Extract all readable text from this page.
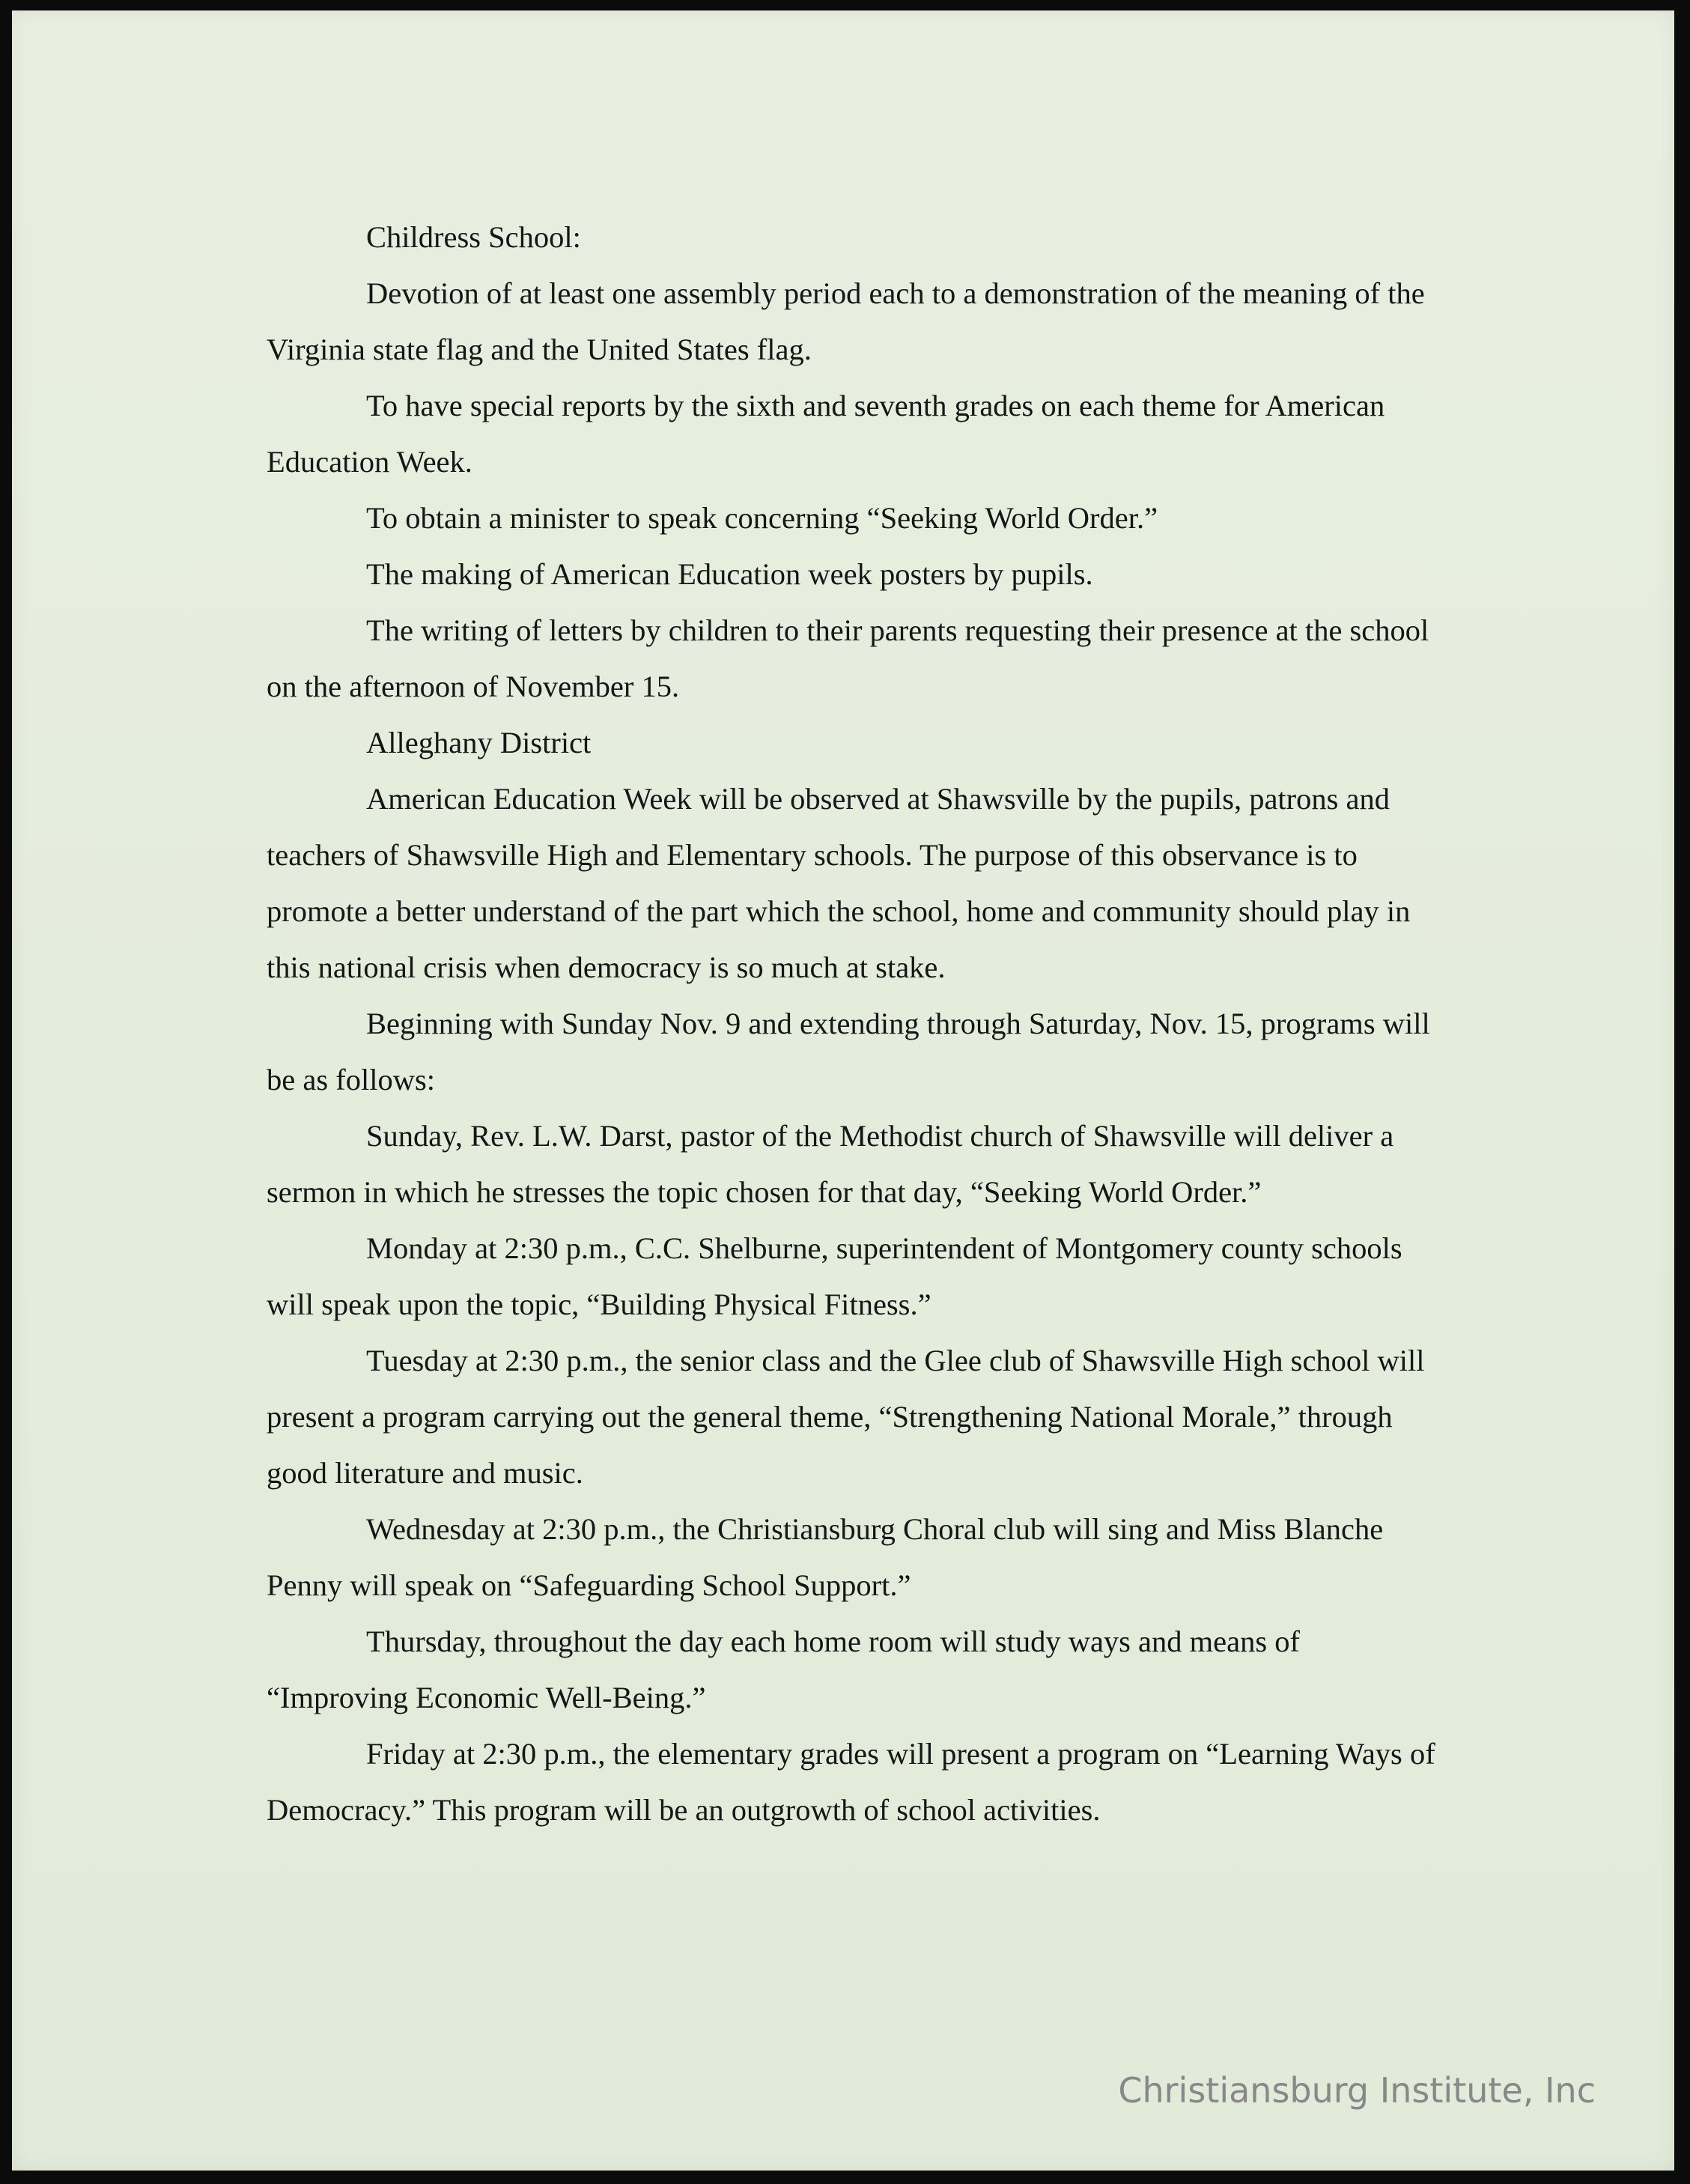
Childress School:

Devotion of at least one assembly period each to a demonstration of the meaning of the Virginia state flag and the United States flag.

To have special reports by the sixth and seventh grades on each theme for American Education Week.

To obtain a minister to speak concerning “Seeking World Order.”

The making of American Education week posters by pupils.

The writing of letters by children to their parents requesting their presence at the school on the afternoon of November 15.

Alleghany District

American Education Week will be observed at Shawsville by the pupils, patrons and teachers of Shawsville High and Elementary schools. The purpose of this observance is to promote a better understand of the part which the school, home and community should play in this national crisis when democracy is so much at stake.

Beginning with Sunday Nov. 9 and extending through Saturday, Nov. 15, programs will be as follows:

Sunday, Rev. L.W. Darst, pastor of the Methodist church of Shawsville will deliver a sermon in which he stresses the topic chosen for that day, “Seeking World Order.”

Monday at 2:30 p.m., C.C. Shelburne, superintendent of Montgomery county schools will speak upon the topic, “Building Physical Fitness.”

Tuesday at 2:30 p.m., the senior class and the Glee club of Shawsville High school will present a program carrying out the general theme, “Strengthening National Morale,” through good literature and music.

Wednesday at 2:30 p.m., the Christiansburg Choral club will sing and Miss Blanche Penny will speak on “Safeguarding School Support.”

Thursday, throughout the day each home room will study ways and means of “Improving Economic Well-Being.”

Friday at 2:30 p.m., the elementary grades will present a program on “Learning Ways of Democracy.” This program will be an outgrowth of school activities.

Christiansburg Institute, Inc
